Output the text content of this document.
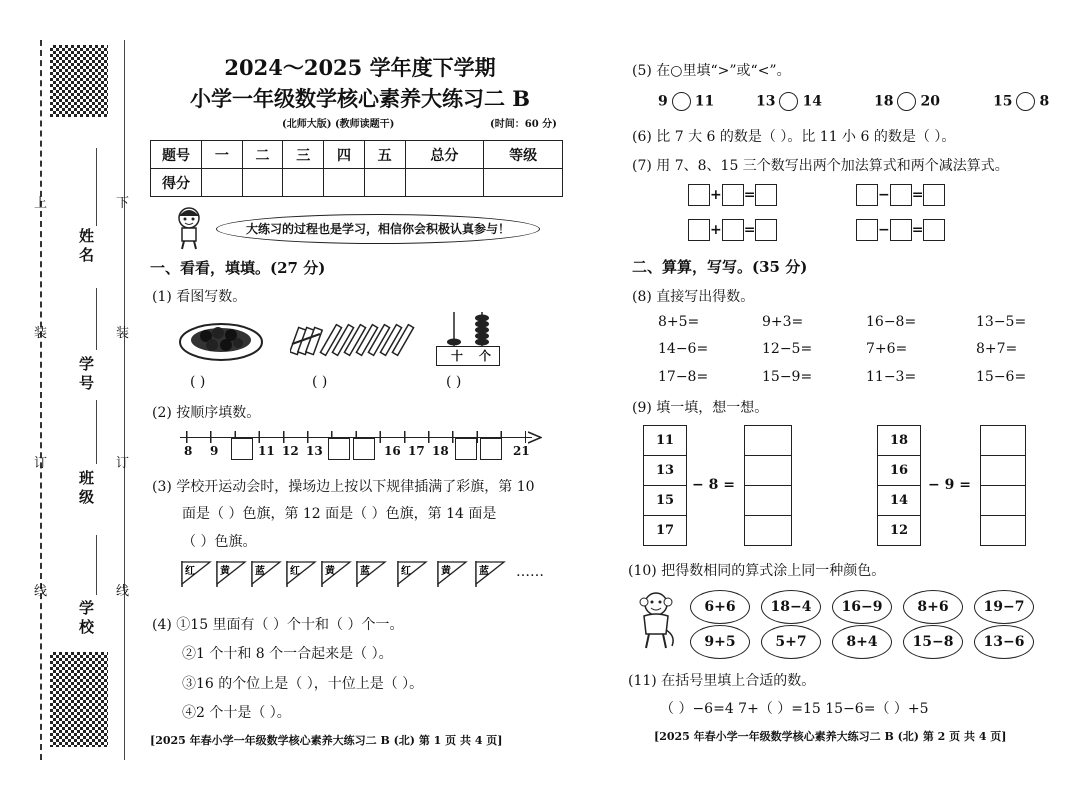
上	下
装	装
订	订
线	线
姓名
学号
班级
学校
2024～2025 学年度下学期
小学一年级数学核心素养大练习二 B
(北师大版) (教师读题干)	(时间：60 分)
题号	一	二	三	四	五	总分	等级
得分							
大练习的过程也是学习，相信你会积极认真参与！
一、看看，填填。(27 分)
(1) 看图写数。
十 个
( )	( )	( )
(2) 按顺序填数。
8 9	11 12 13	16 17 18	21
(3) 学校开运动会时，操场边上按以下规律插满了彩旗，第 10
面是（ ）色旗，第 12 面是（ ）色旗，第 14 面是
（ ）色旗。
红	黄	蓝	红	黄	蓝	红	黄	蓝 ……
(4) ①15 里面有（ ）个十和（ ）个一。
②1 个十和 8 个一合起来是（ ）。
③16 的个位上是（ ），十位上是（ ）。
④2 个十是（ ）。
[2025 年春小学一年级数学核心素养大练习二 B (北) 第 1 页 共 4 页]
(5) 在○里填“>”或“<”。
9 11	13 14	18 20	15 8
(6) 比 7 大 6 的数是（ ）。比 11 小 6 的数是（ ）。
(7) 用 7、8、15 三个数写出两个加法算式和两个减法算式。
+ =	− =
+ =	− =
二、算算，写写。(35 分)
(8) 直接写出得数。
8+5=	9+3=	16−8=	13−5=
14−6=	12−5=	7+6=	8+7=
17−8=	15−9=	11−3=	15−6=
(9) 填一填，想一想。
11
13
15
17
− 8 =
18
16
14
12
− 9 =
(10) 把得数相同的算式涂上同一种颜色。
6+6	18−4	16−9	8+6	19−7
9+5	5+7	8+4	15−8	13−6
(11) 在括号里填上合适的数。
（ ）−6=4 7+（ ）=15 15−6=（ ）+5
[2025 年春小学一年级数学核心素养大练习二 B (北) 第 2 页 共 4 页]
